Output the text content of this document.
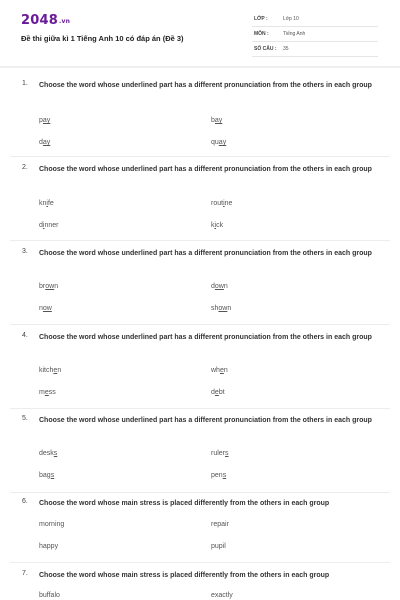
2048.vn
Đề thi giữa kì 1 Tiếng Anh 10 có đáp án (Đề 3)
LỚP :	Lớp 10
MÔN :	Tiếng Anh
SỐ CÂU : 35
1. Choose the word whose underlined part has a different pronunciation from the others in each group
pay	bay
day	quay
2. Choose the word whose underlined part has a different pronunciation from the others in each group
knife	routine
dinner	kick
3. Choose the word whose underlined part has a different pronunciation from the others in each group
brown	down
now	shown
4. Choose the word whose underlined part has a different pronunciation from the others in each group
kitchen	when
mess	debt
5. Choose the word whose underlined part has a different pronunciation from the others in each group
desks	rulers
bags	pens
6. Choose the word whose main stress is placed differently from the others in each group
morning	repair
happy	pupil
7. Choose the word whose main stress is placed differently from the others in each group
buffalo	exactly
